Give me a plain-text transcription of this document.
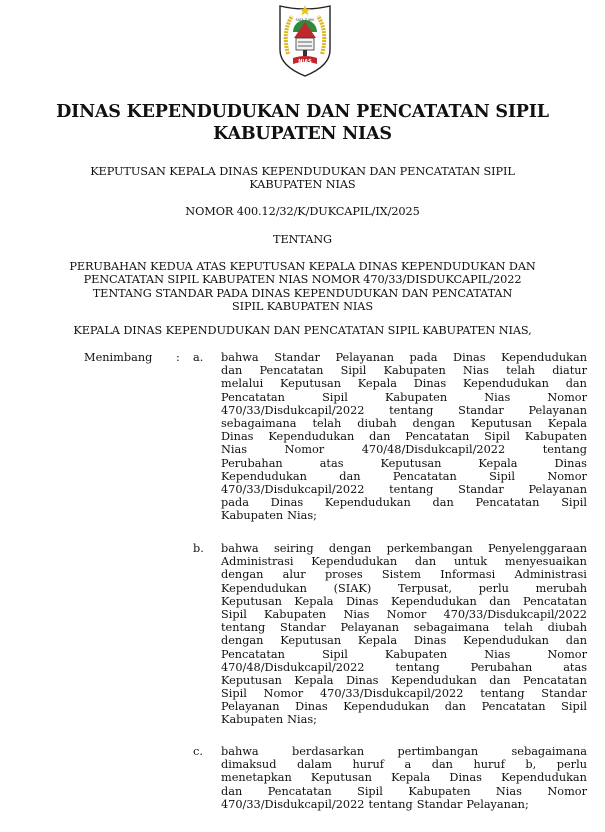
NIAS
SATA TUWU
DINAS KEPENDUDUKAN DAN PENCATATAN SIPIL
KABUPATEN NIAS
KEPUTUSAN KEPALA DINAS KEPENDUDUKAN DAN PENCATATAN SIPIL
KABUPATEN NIAS
NOMOR 400.12/32/K/DUKCAPIL/IX/2025
TENTANG
PERUBAHAN KEDUA ATAS KEPUTUSAN KEPALA DINAS KEPENDUDUKAN DAN
PENCATATAN SIPIL KABUPATEN NIAS NOMOR 470/33/DISDUKCAPIL/2022
TENTANG STANDAR PADA DINAS KEPENDUDUKAN DAN PENCATATAN
SIPIL KABUPATEN NIAS
KEPALA DINAS KEPENDUDUKAN DAN PENCATATAN SIPIL KABUPATEN NIAS,
Menimbang : a. bahwa Standar Pelayanan pada Dinas Kependudukan
dan Pencatatan Sipil Kabupaten Nias telah diatur
melalui Keputusan Kepala Dinas Kependudukan dan
Pencatatan	Sipil	Kabupaten	Nias	Nomor
470/33/Disdukcapil/2022 tentang Standar Pelayanan
sebagaimana telah diubah dengan Keputusan Kepala
Dinas Kependudukan dan Pencatatan Sipil Kabupaten
Nias	Nomor	470/48/Disdukcapil/2022	tentang
Perubahan	atas	Keputusan	Kepala	Dinas
Kependudukan	dan	Pencatatan	Sipil	Nomor
470/33/Disdukcapil/2022 tentang Standar Pelayanan
pada Dinas Kependudukan dan Pencatatan Sipil
Kabupaten Nias;
b. bahwa seiring dengan perkembangan Penyelenggaraan
Administrasi Kependudukan dan untuk menyesuaikan
dengan alur proses Sistem Informasi Administrasi
Kependudukan (SIAK) Terpusat, perlu merubah
Keputusan Kepala Dinas Kependudukan dan Pencatatan
Sipil Kabupaten Nias Nomor 470/33/Disdukcapil/2022
tentang Standar Pelayanan sebagaimana telah diubah
dengan Keputusan Kepala Dinas Kependudukan dan
Pencatatan	Sipil	Kabupaten	Nias	Nomor
470/48/Disdukcapil/2022	tentang	Perubahan	atas
Keputusan Kepala Dinas Kependudukan dan Pencatatan
Sipil Nomor 470/33/Disdukcapil/2022 tentang Standar
Pelayanan Dinas Kependudukan dan Pencatatan Sipil
Kabupaten Nias;
c. bahwa	berdasarkan	pertimbangan	sebagaimana
dimaksud dalam huruf a dan huruf b, perlu
menetapkan Keputusan Kepala Dinas Kependudukan
dan Pencatatan Sipil Kabupaten Nias Nomor
470/33/Disdukcapil/2022 tentang Standar Pelayanan;
